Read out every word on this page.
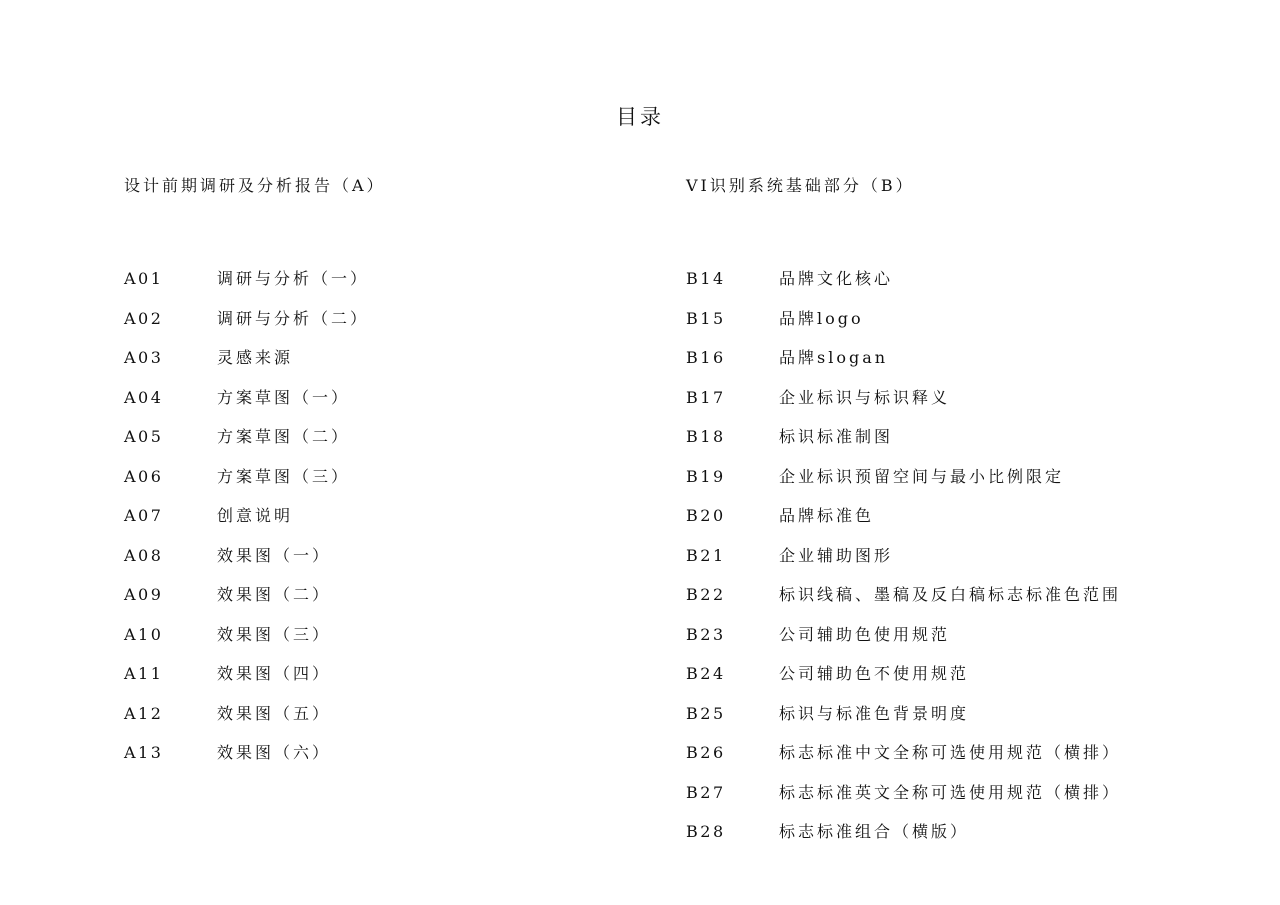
目录
设计前期调研及分析报告（A）
A01	调研与分析（一）
A02	调研与分析（二）
A03	灵感来源
A04	方案草图（一）
A05	方案草图（二）
A06	方案草图（三）
A07	创意说明
A08	效果图（一）
A09	效果图（二）
A10	效果图（三）
A11	效果图（四）
A12	效果图（五）
A13	效果图（六）
VI识别系统基础部分（B）
B14	品牌文化核心
B15	品牌logo
B16	品牌slogan
B17	企业标识与标识释义
B18	标识标准制图
B19	企业标识预留空间与最小比例限定
B20	品牌标准色
B21	企业辅助图形
B22	标识线稿、墨稿及反白稿标志标准色范围
B23	公司辅助色使用规范
B24	公司辅助色不使用规范
B25	标识与标准色背景明度
B26	标志标准中文全称可选使用规范（横排）
B27	标志标准英文全称可选使用规范（横排）
B28	标志标准组合（横版）
